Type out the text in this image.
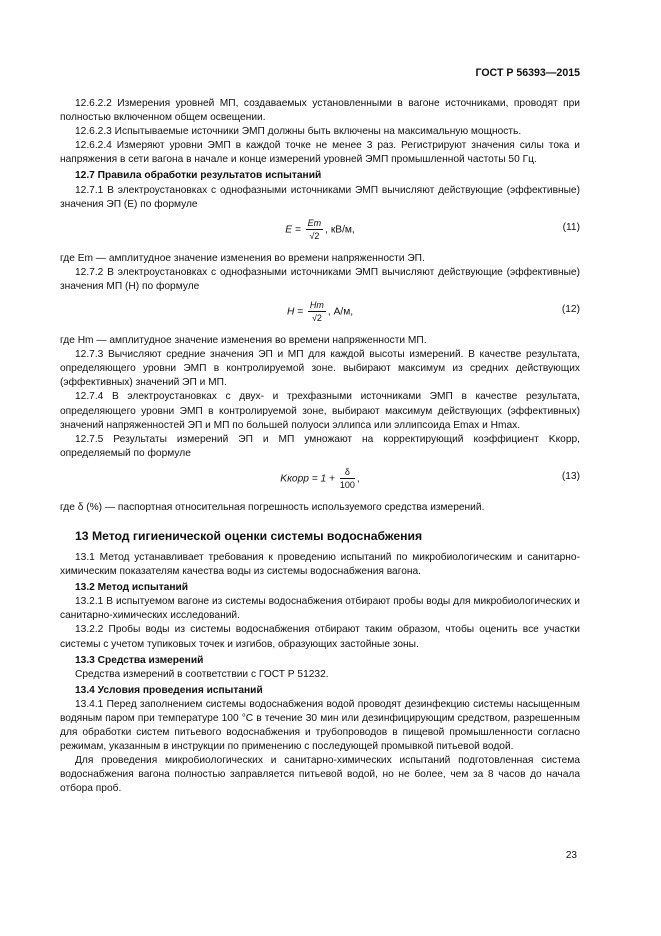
ГОСТ Р 56393—2015

12.6.2.2 Измерения уровней МП, создаваемых установленными в вагоне источниками, проводят при полностью включенном общем освещении.

12.6.2.3 Испытываемые источники ЭМП должны быть включены на максимальную мощность.

12.6.2.4 Измеряют уровни ЭМП в каждой точке не менее 3 раз. Регистрируют значения силы тока и напряжения в сети вагона в начале и конце измерений уровней ЭМП промышленной частоты 50 Гц.

12.7 Правила обработки результатов испытаний

12.7.1 В электроустановках с однофазными источниками ЭМП вычисляют действующие (эффективные) значения ЭП (E) по формуле

$E = \frac{Em}{√2}$ , кВ/м,	(11)

где Em — амплитудное значение изменения во времени напряженности ЭП.

12.7.2 В электроустановках с однофазными источниками ЭМП вычисляют действующие (эффективные) значения МП (H) по формуле

$H = \frac{Hm}{√2}$ , А/м,	(12)

где Hm — амплитудное значение изменения во времени напряженности МП.

12.7.3 Вычисляют средние значения ЭП и МП для каждой высоты измерений. В качестве результата, определяющего уровни ЭМП в контролируемой зоне. выбирают максимум из средних действующих (эффективных) значений ЭП и МП.

12.7.4 В электроустановках с двух- и трехфазными источниками ЭМП в качестве результата, определяющего уровни ЭМП в контролируемой зоне, выбирают максимум действующих (эффективных) значений напряженностей ЭП и МП по большей полуоси эллипса или эллипсоида Emax и Hmax.

12.7.5 Результаты измерений ЭП и МП умножают на корректирующий коэффициент Kкорр, определяемый по формуле

Kкорр = $1 + \frac{\delta}{100}$ ,	(13)

где δ (%) — паспортная относительная погрешность используемого средства измерений.

13 Метод гигиенической оценки системы водоснабжения

13.1 Метод устанавливает требования к проведению испытаний по микробиологическим и санитарно-химическим показателям качества воды из системы водоснабжения вагона.

13.2 Метод испытаний

13.2.1 В испытуемом вагоне из системы водоснабжения отбирают пробы воды для микробиологических и санитарно-химических исследований.

13.2.2 Пробы воды из системы водоснабжения отбирают таким образом, чтобы оценить все участки системы с учетом тупиковых точек и изгибов, образующих застойные зоны.

13.3 Средства измерений

Средства измерений в соответствии с ГОСТ Р 51232.

13.4 Условия проведения испытаний

13.4.1 Перед заполнением системы водоснабжения водой проводят дезинфекцию системы насыщенным водяным паром при температуре 100 °С в течение 30 мин или дезинфицирующим средством, разрешенным для обработки систем питьевого водоснабжения и трубопроводов в пищевой промышленности согласно режимам, указанным в инструкции по применению с последующей промывкой питьевой водой.

Для проведения микробиологических и санитарно-химических испытаний подготовленная система водоснабжения вагона полностью заправляется питьевой водой, но не более, чем за 8 часов до начала отбора проб.

23
